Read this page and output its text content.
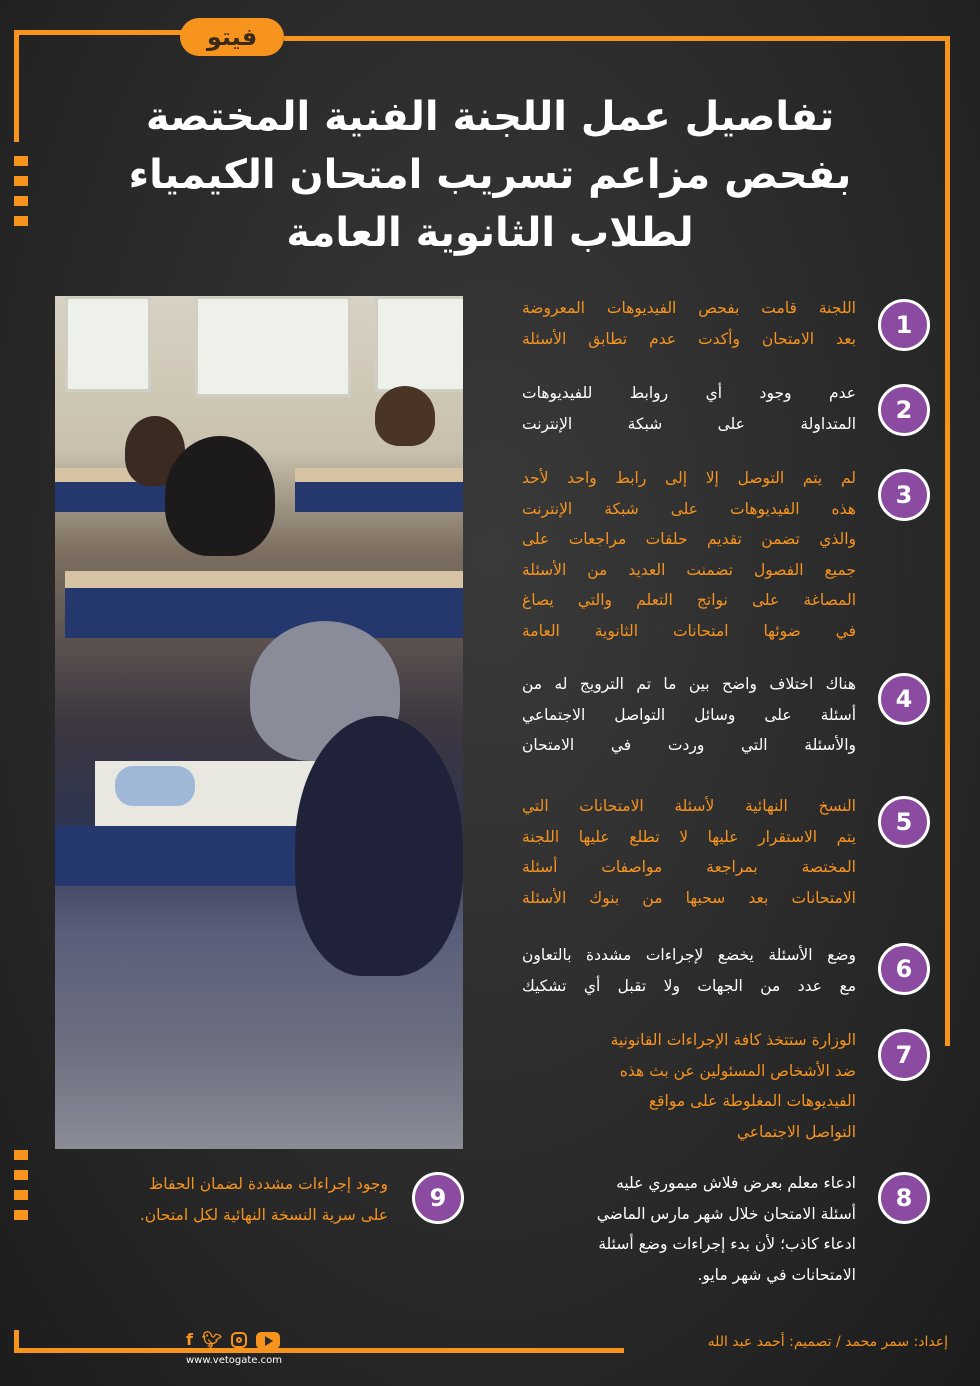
فيتو
تفاصيل عمل اللجنة الفنية المختصة
بفحص مزاعم تسريب امتحان الكيمياء
لطلاب الثانوية العامة
1
اللجنة قامت بفحص الفيديوهات المعروضة
بعد الامتحان وأكدت عدم تطابق الأسئلة
2
عدم وجود أي روابط للفيديوهات
المتداولة على شبكة الإنترنت
3
لم يتم التوصل إلا إلى رابط واحد لأحد
هذه الفيديوهات على شبكة الإنترنت
والذي تضمن تقديم حلقات مراجعات على
جميع الفصول تضمنت العديد من الأسئلة
المصاغة على نواتج التعلم والتي يصاغ
في ضوئها امتحانات الثانوية العامة
4
هناك اختلاف واضح بين ما تم الترويج له من
أسئلة على وسائل التواصل الاجتماعي
والأسئلة التي وردت في الامتحان
5
النسخ النهائية لأسئلة الامتحانات التي
يتم الاستقرار عليها لا تطلع عليها اللجنة
المختصة بمراجعة مواصفات أسئلة
الامتحانات بعد سحبها من بنوك الأسئلة
6
وضع الأسئلة يخضع لإجراءات مشددة بالتعاون
مع عدد من الجهات ولا تقبل أي تشكيك
7
الوزارة ستتخذ كافة الإجراءات القانونية
ضد الأشخاص المسئولين عن بث هذه
الفيديوهات المغلوطة على مواقع
التواصل الاجتماعي
8
ادعاء معلم بعرض فلاش ميموري عليه
أسئلة الامتحان خلال شهر مارس الماضي
ادعاء كاذب؛ لأن بدء إجراءات وضع أسئلة
الامتحانات في شهر مايو.
9
وجود إجراءات مشددة لضمان الحفاظ
على سرية النسخة النهائية لكل امتحان.
f 🐦︎
www.vetogate.com
إعداد: سمر محمد / تصميم: أحمد عبد الله
